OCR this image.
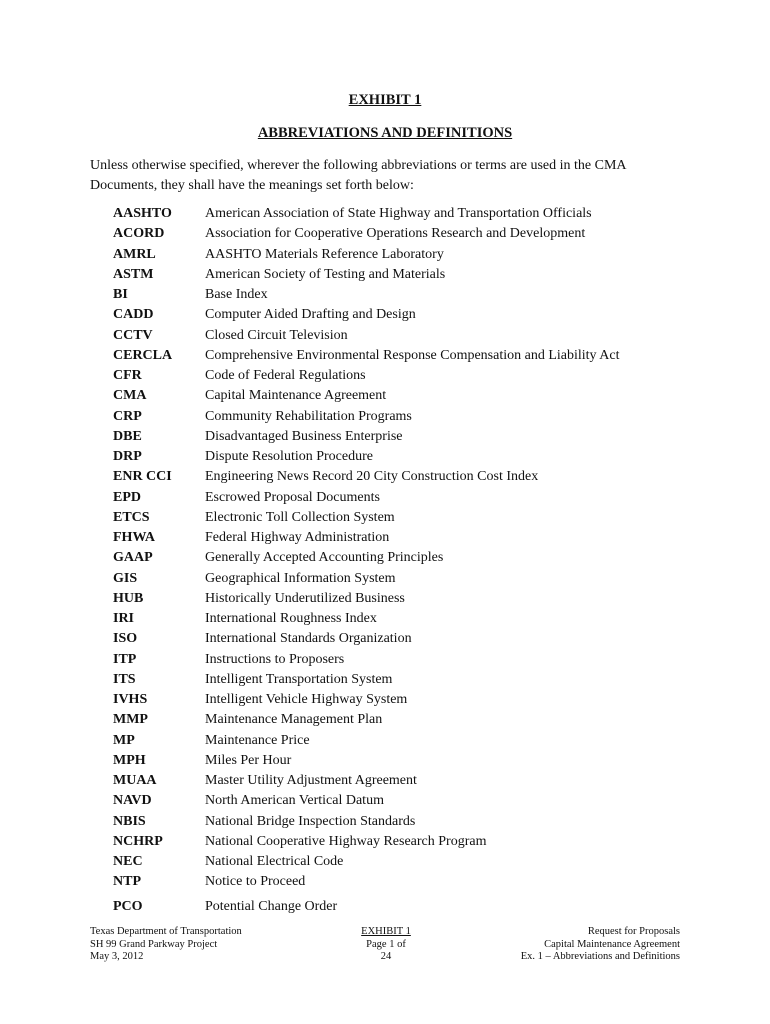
EXHIBIT 1
ABBREVIATIONS AND DEFINITIONS

Unless otherwise specified, wherever the following abbreviations or terms are used in the CMA Documents, they shall have the meanings set forth below:

AASHTO	American Association of State Highway and Transportation Officials
ACORD	Association for Cooperative Operations Research and Development
AMRL	AASHTO Materials Reference Laboratory
ASTM	American Society of Testing and Materials
BI	Base Index
CADD	Computer Aided Drafting and Design
CCTV	Closed Circuit Television
CERCLA	Comprehensive Environmental Response Compensation and Liability Act
CFR	Code of Federal Regulations
CMA	Capital Maintenance Agreement
CRP	Community Rehabilitation Programs
DBE	Disadvantaged Business Enterprise
DRP	Dispute Resolution Procedure
ENR CCI	Engineering News Record 20 City Construction Cost Index
EPD	Escrowed Proposal Documents
ETCS	Electronic Toll Collection System
FHWA	Federal Highway Administration
GAAP	Generally Accepted Accounting Principles
GIS	Geographical Information System
HUB	Historically Underutilized Business
IRI	International Roughness Index
ISO	International Standards Organization
ITP	Instructions to Proposers
ITS	Intelligent Transportation System
IVHS	Intelligent Vehicle Highway System
MMP	Maintenance Management Plan
MP	Maintenance Price
MPH	Miles Per Hour
MUAA	Master Utility Adjustment Agreement
NAVD	North American Vertical Datum
NBIS	National Bridge Inspection Standards
NCHRP	National Cooperative Highway Research Program
NEC	National Electrical Code
NTP	Notice to Proceed
PCO	Potential Change Order
Texas Department of Transportation
SH 99 Grand Parkway Project
May 3, 2012
EXHIBIT 1
Page 1 of 24
Request for Proposals
Capital Maintenance Agreement
Ex. 1 – Abbreviations and Definitions
